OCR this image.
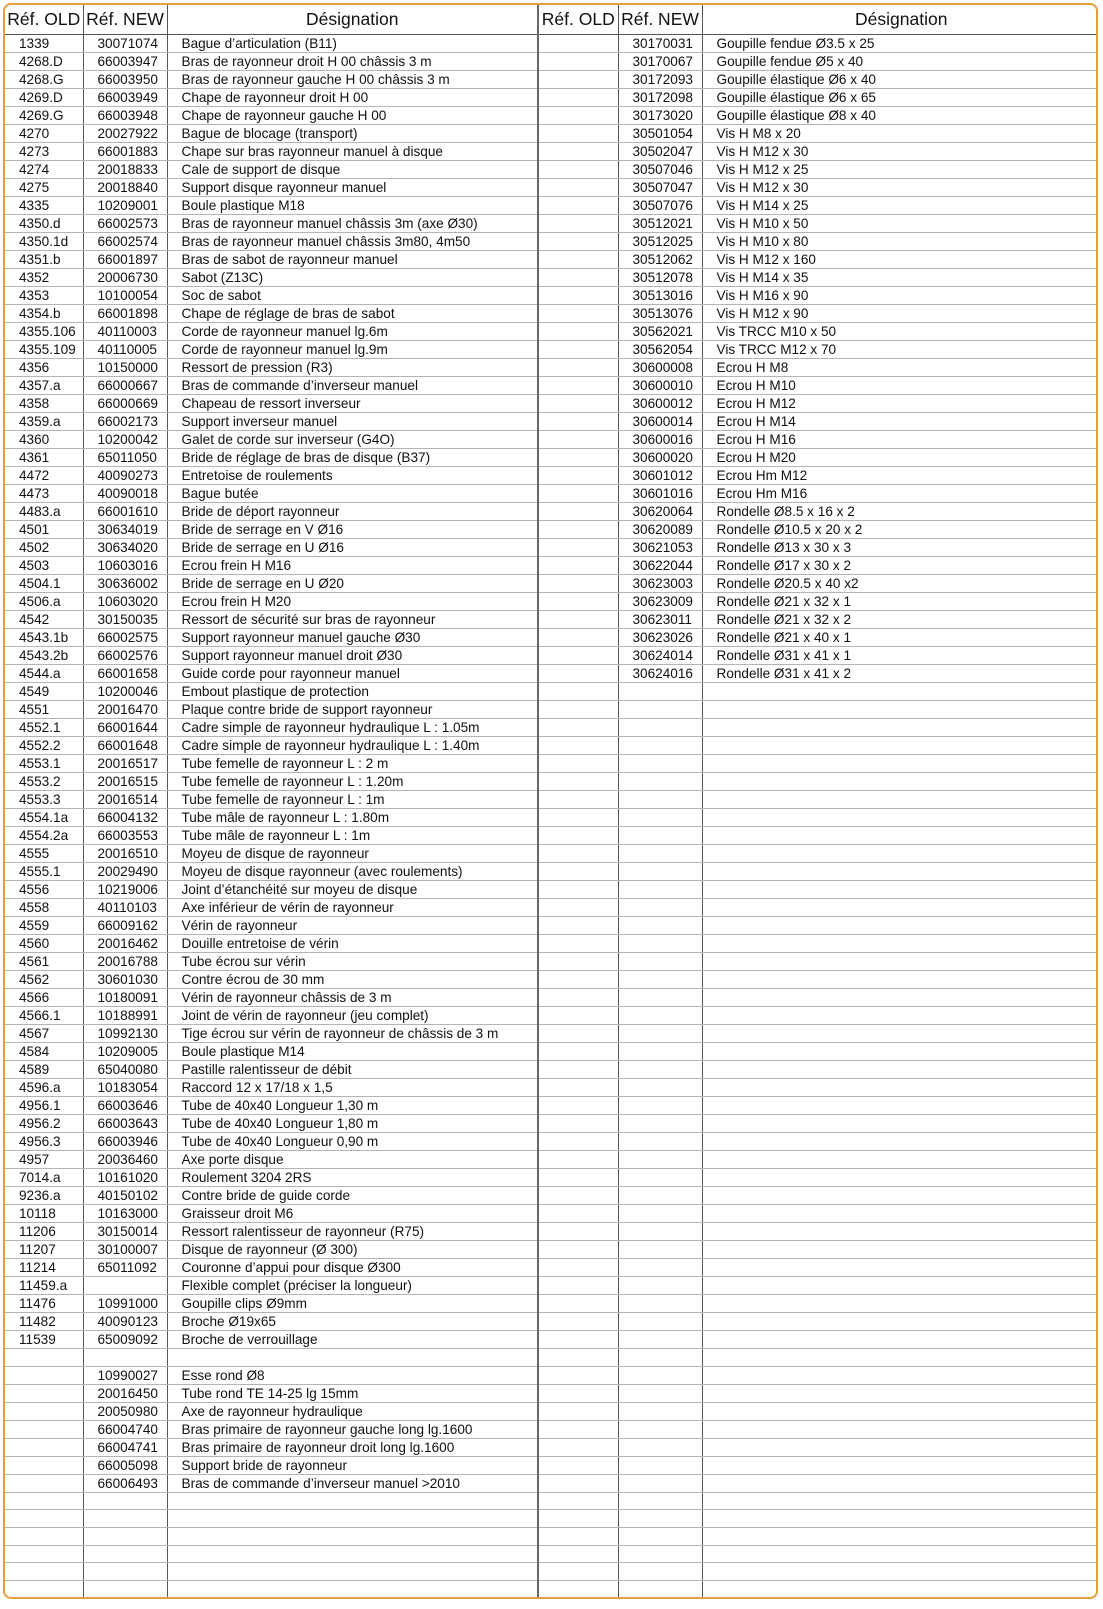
Réf. OLD	Réf. NEW	Désignation	Réf. OLD	Réf. NEW	Désignation
1339	30071074	Bague d’articulation (B11)		30170031	Goupille fendue Ø3.5 x 25
4268.D	66003947	Bras de rayonneur droit H 00 châssis 3 m		30170067	Goupille fendue Ø5 x 40
4268.G	66003950	Bras de rayonneur gauche H 00 châssis 3 m		30172093	Goupille élastique Ø6 x 40
4269.D	66003949	Chape de rayonneur droit H 00		30172098	Goupille élastique Ø6 x 65
4269.G	66003948	Chape de rayonneur gauche H 00		30173020	Goupille élastique Ø8 x 40
4270	20027922	Bague de blocage (transport)		30501054	Vis H M8 x 20
4273	66001883	Chape sur bras rayonneur manuel à disque		30502047	Vis H M12 x 30
4274	20018833	Cale de support de disque		30507046	Vis H M12 x 25
4275	20018840	Support disque rayonneur manuel		30507047	Vis H M12 x 30
4335	10209001	Boule plastique M18		30507076	Vis H M14 x 25
4350.d	66002573	Bras de rayonneur manuel châssis 3m (axe Ø30)		30512021	Vis H M10 x 50
4350.1d	66002574	Bras de rayonneur manuel châssis 3m80, 4m50		30512025	Vis H M10 x 80
4351.b	66001897	Bras de sabot de rayonneur manuel		30512062	Vis H M12 x 160
4352	20006730	Sabot (Z13C)		30512078	Vis H M14 x 35
4353	10100054	Soc de sabot		30513016	Vis H M16 x 90
4354.b	66001898	Chape de réglage de bras de sabot		30513076	Vis H M12 x 90
4355.106	40110003	Corde de rayonneur manuel lg.6m		30562021	Vis TRCC M10 x 50
4355.109	40110005	Corde de rayonneur manuel lg.9m		30562054	Vis TRCC M12 x 70
4356	10150000	Ressort de pression (R3)		30600008	Ecrou H M8
4357.a	66000667	Bras de commande d’inverseur manuel		30600010	Ecrou H M10
4358	66000669	Chapeau de ressort inverseur		30600012	Ecrou H M12
4359.a	66002173	Support inverseur manuel		30600014	Ecrou H M14
4360	10200042	Galet de corde sur inverseur (G4O)		30600016	Ecrou H M16
4361	65011050	Bride de réglage de bras de disque (B37)		30600020	Ecrou H M20
4472	40090273	Entretoise de roulements		30601012	Ecrou Hm M12
4473	40090018	Bague butée		30601016	Ecrou Hm M16
4483.a	66001610	Bride de déport rayonneur		30620064	Rondelle Ø8.5 x 16 x 2
4501	30634019	Bride de serrage en V Ø16		30620089	Rondelle Ø10.5 x 20 x 2
4502	30634020	Bride de serrage en U Ø16		30621053	Rondelle Ø13 x 30 x 3
4503	10603016	Ecrou frein H M16		30622044	Rondelle Ø17 x 30 x 2
4504.1	30636002	Bride de serrage en U Ø20		30623003	Rondelle Ø20.5 x 40 x2
4506.a	10603020	Ecrou frein H M20		30623009	Rondelle Ø21 x 32 x 1
4542	30150035	Ressort de sécurité sur bras de rayonneur		30623011	Rondelle Ø21 x 32 x 2
4543.1b	66002575	Support rayonneur manuel gauche Ø30		30623026	Rondelle Ø21 x 40 x 1
4543.2b	66002576	Support rayonneur manuel droit Ø30		30624014	Rondelle Ø31 x 41 x 1
4544.a	66001658	Guide corde pour rayonneur manuel		30624016	Rondelle Ø31 x 41 x 2
4549	10200046	Embout plastique de protection			
4551	20016470	Plaque contre bride de support rayonneur			
4552.1	66001644	Cadre simple de rayonneur hydraulique L : 1.05m			
4552.2	66001648	Cadre simple de rayonneur hydraulique L : 1.40m			
4553.1	20016517	Tube femelle de rayonneur L : 2 m			
4553.2	20016515	Tube femelle de rayonneur L : 1.20m			
4553.3	20016514	Tube femelle de rayonneur L : 1m			
4554.1a	66004132	Tube mâle de rayonneur L : 1.80m			
4554.2a	66003553	Tube mâle de rayonneur L : 1m			
4555	20016510	Moyeu de disque de rayonneur			
4555.1	20029490	Moyeu de disque rayonneur (avec roulements)			
4556	10219006	Joint d’étanchéité sur moyeu de disque			
4558	40110103	Axe inférieur de vérin de rayonneur			
4559	66009162	Vérin de rayonneur			
4560	20016462	Douille entretoise de vérin			
4561	20016788	Tube écrou sur vérin			
4562	30601030	Contre écrou de 30 mm			
4566	10180091	Vérin de rayonneur châssis de 3 m			
4566.1	10188991	Joint de vérin de rayonneur (jeu complet)			
4567	10992130	Tige écrou sur vérin de rayonneur de châssis de 3 m			
4584	10209005	Boule plastique M14			
4589	65040080	Pastille ralentisseur de débit			
4596.a	10183054	Raccord 12 x 17/18 x 1,5			
4956.1	66003646	Tube de 40x40 Longueur 1,30 m			
4956.2	66003643	Tube de 40x40 Longueur 1,80 m			
4956.3	66003946	Tube de 40x40 Longueur 0,90 m			
4957	20036460	Axe porte disque			
7014.a	10161020	Roulement 3204 2RS			
9236.a	40150102	Contre bride de guide corde			
10118	10163000	Graisseur droit M6			
11206	30150014	Ressort ralentisseur de rayonneur (R75)			
11207	30100007	Disque de rayonneur (Ø 300)			
11214	65011092	Couronne d’appui pour disque Ø300			
11459.a		Flexible complet (préciser la longueur)			
11476	10991000	Goupille clips Ø9mm			
11482	40090123	Broche Ø19x65			
11539	65009092	Broche de verrouillage			

	10990027	Esse rond Ø8			
	20016450	Tube rond TE 14-25 lg 15mm			
	20050980	Axe de rayonneur hydraulique			
	66004740	Bras primaire de rayonneur gauche long lg.1600			
	66004741	Bras primaire de rayonneur droit long lg.1600			
	66005098	Support bride de rayonneur			
	66006493	Bras de commande d’inverseur manuel >2010			
